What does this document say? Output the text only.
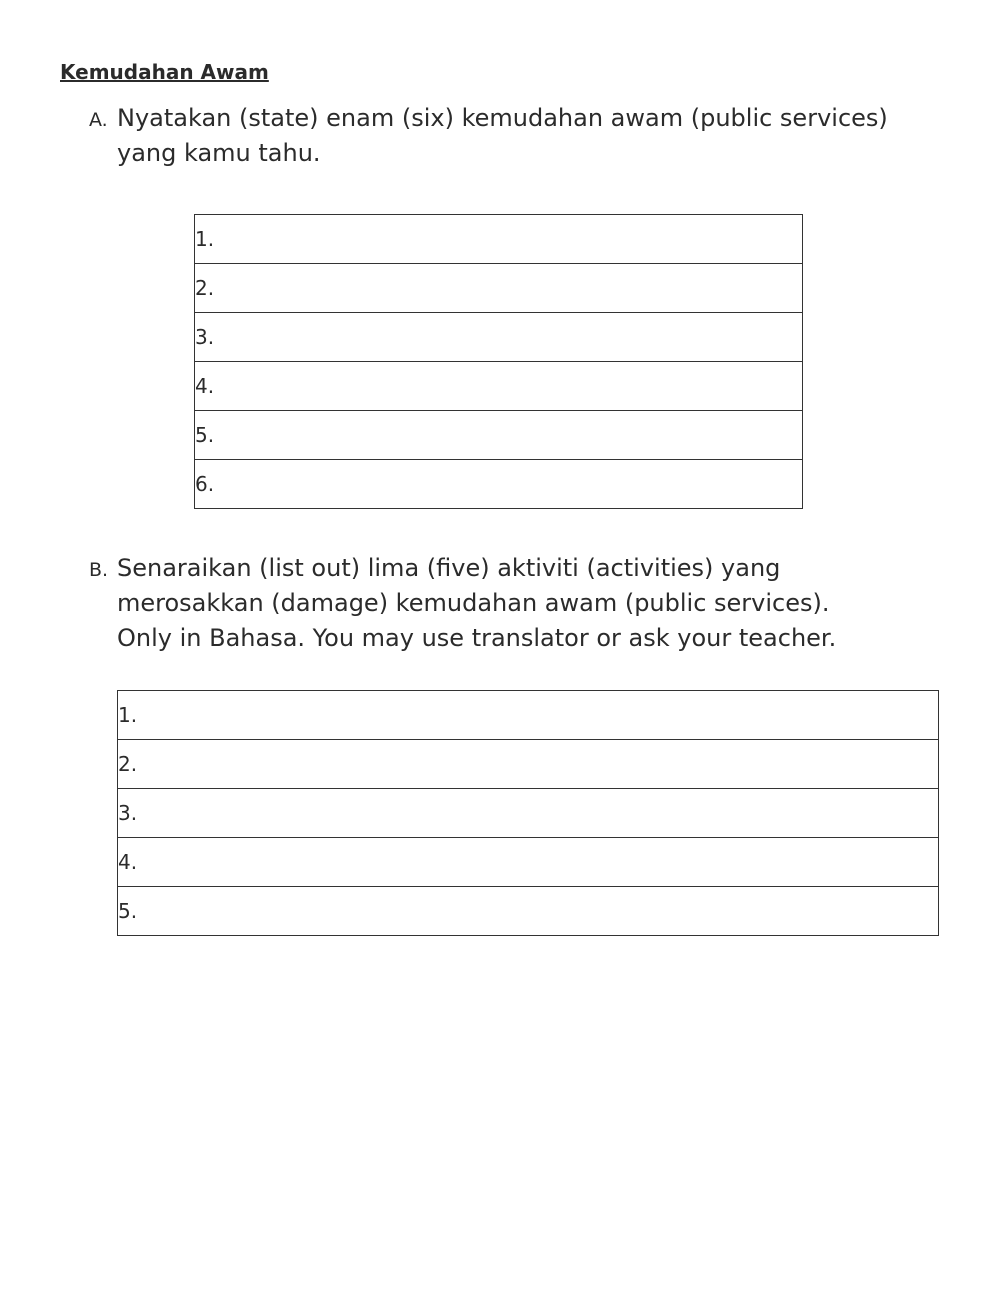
Kemudahan Awam
A. Nyatakan (state) enam (six) kemudahan awam (public services)
yang kamu tahu.
1.
2.
3.
4.
5.
6.
B. Senaraikan (list out) lima (five) aktiviti (activities) yang
merosakkan (damage) kemudahan awam (public services).
Only in Bahasa. You may use translator or ask your teacher.
1.
2.
3.
4.
5.
